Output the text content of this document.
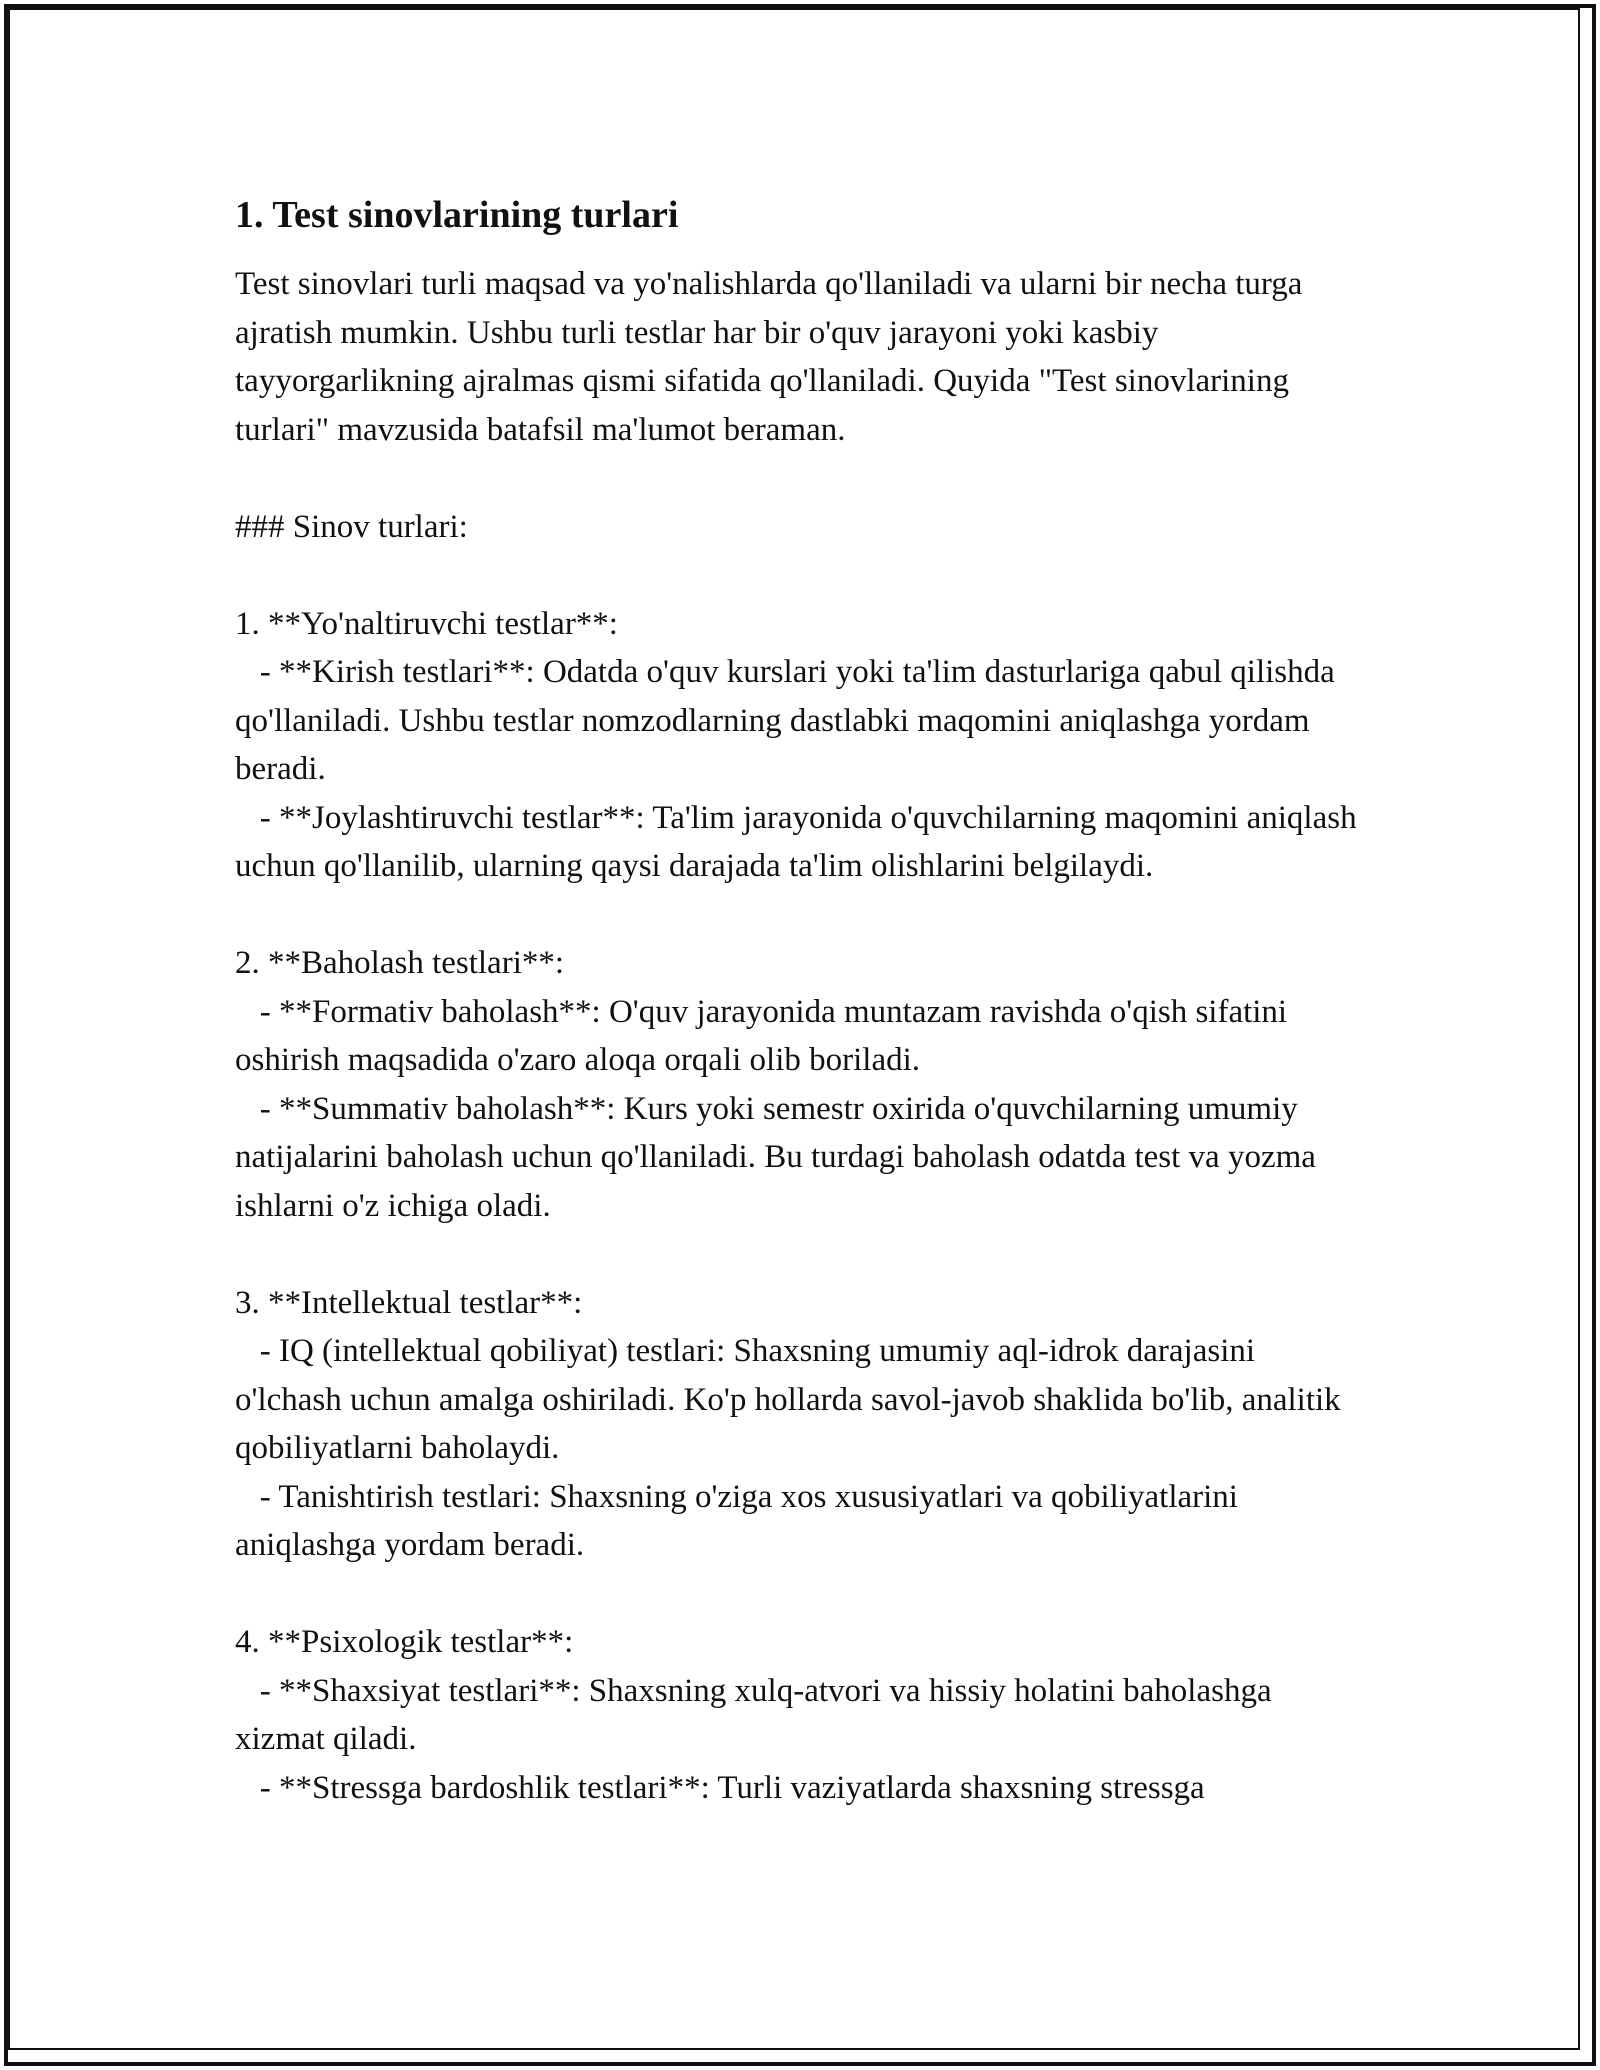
1. Test sinovlarining turlari

Test sinovlari turli maqsad va yo'nalishlarda qo'llaniladi va ularni bir necha turga ajratish mumkin. Ushbu turli testlar har bir o'quv jarayoni yoki kasbiy tayyorgarlikning ajralmas qismi sifatida qo'llaniladi. Quyida "Test sinovlarining turlari" mavzusida batafsil ma'lumot beraman.

### Sinov turlari:

1. **Yo'naltiruvchi testlar**:

- **Kirish testlari**: Odatda o'quv kurslari yoki ta'lim dasturlariga qabul qilishda qo'llaniladi. Ushbu testlar nomzodlarning dastlabki maqomini aniqlashga yordam beradi.

- **Joylashtiruvchi testlar**: Ta'lim jarayonida o'quvchilarning maqomini aniqlash uchun qo'llanilib, ularning qaysi darajada ta'lim olishlarini belgilaydi.

2. **Baholash testlari**:

- **Formativ baholash**: O'quv jarayonida muntazam ravishda o'qish sifatini oshirish maqsadida o'zaro aloqa orqali olib boriladi.

- **Summativ baholash**: Kurs yoki semestr oxirida o'quvchilarning umumiy natijalarini baholash uchun qo'llaniladi. Bu turdagi baholash odatda test va yozma ishlarni o'z ichiga oladi.

3. **Intellektual testlar**:

- IQ (intellektual qobiliyat) testlari: Shaxsning umumiy aql-idrok darajasini o'lchash uchun amalga oshiriladi. Ko'p hollarda savol-javob shaklida bo'lib, analitik qobiliyatlarni baholaydi.

- Tanishtirish testlari: Shaxsning o'ziga xos xususiyatlari va qobiliyatlarini aniqlashga yordam beradi.

4. **Psixologik testlar**:

- **Shaxsiyat testlari**: Shaxsning xulq-atvori va hissiy holatini baholashga xizmat qiladi.

- **Stressga bardoshlik testlari**: Turli vaziyatlarda shaxsning stressga
